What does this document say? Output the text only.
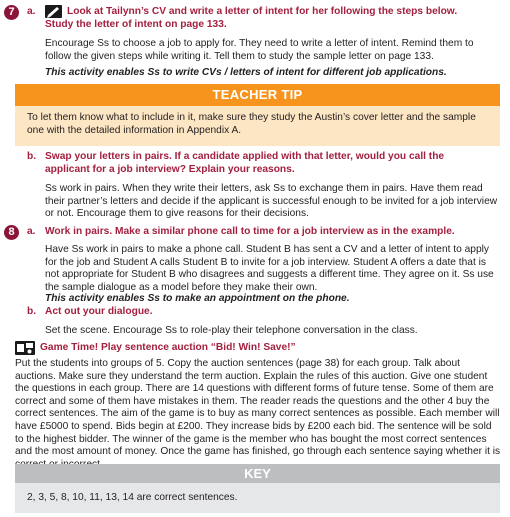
7	a.	Look at Tailynn’s CV and write a letter of intent for her following the steps below.
Study the letter of intent on page 133.

Encourage Ss to choose a job to apply for. They need to write a letter of intent. Remind them to follow the given steps while writing it. Tell them to study the sample letter on page 133.

This activity enables Ss to write CVs / letters of intent for different job applications.

TEACHER TIP

To let them know what to include in it, make sure they study the Austin’s cover letter and the sample one with the detailed information in Appendix A.

b. Swap your letters in pairs. If a candidate applied with that letter, would you call the
applicant for a job interview? Explain your reasons.

Ss work in pairs. When they write their letters, ask Ss to exchange them in pairs. Have them read their partner’s letters and decide if the applicant is successful enough to be invited for a job interview or not. Encourage them to give reasons for their decisions.

8	a. Work in pairs. Make a similar phone call to time for a job interview as in the example.

Have Ss work in pairs to make a phone call. Student B has sent a CV and a letter of intent to apply for the job and Student A calls Student B to invite for a job interview. Student A offers a date that is not appropriate for Student B who disagrees and suggests a different time. They agree on it. Ss use the sample dialogue as a model before they make their own.

This activity enables Ss to make an appointment on the phone.

b. Act out your dialogue.

Set the scene. Encourage Ss to role-play their telephone conversation in the class.

Game Time! Play sentence auction “Bid! Win! Save!”

Put the students into groups of 5. Copy the auction sentences (page 38) for each group. Talk about auctions. Make sure they understand the term auction. Explain the rules of this auction. Give one student the questions in each group. There are 14 questions with different forms of future tense. Some of them are correct and some of them have mistakes in them. The reader reads the questions and the other 4 buy the correct sentences. The aim of the game is to buy as many correct sentences as possible. Each member will have £5000 to spend. Bids begin at £200. They increase bids by £200 each bid. The sentence will be sold to the highest bidder. The winner of the game is the member who has bought the most correct sentences and the most amount of money. Once the game has finished, go through each sentence saying whether it is

KEY

2, 3, 5, 8, 10, 11, 13, 14 are correct sentences.
